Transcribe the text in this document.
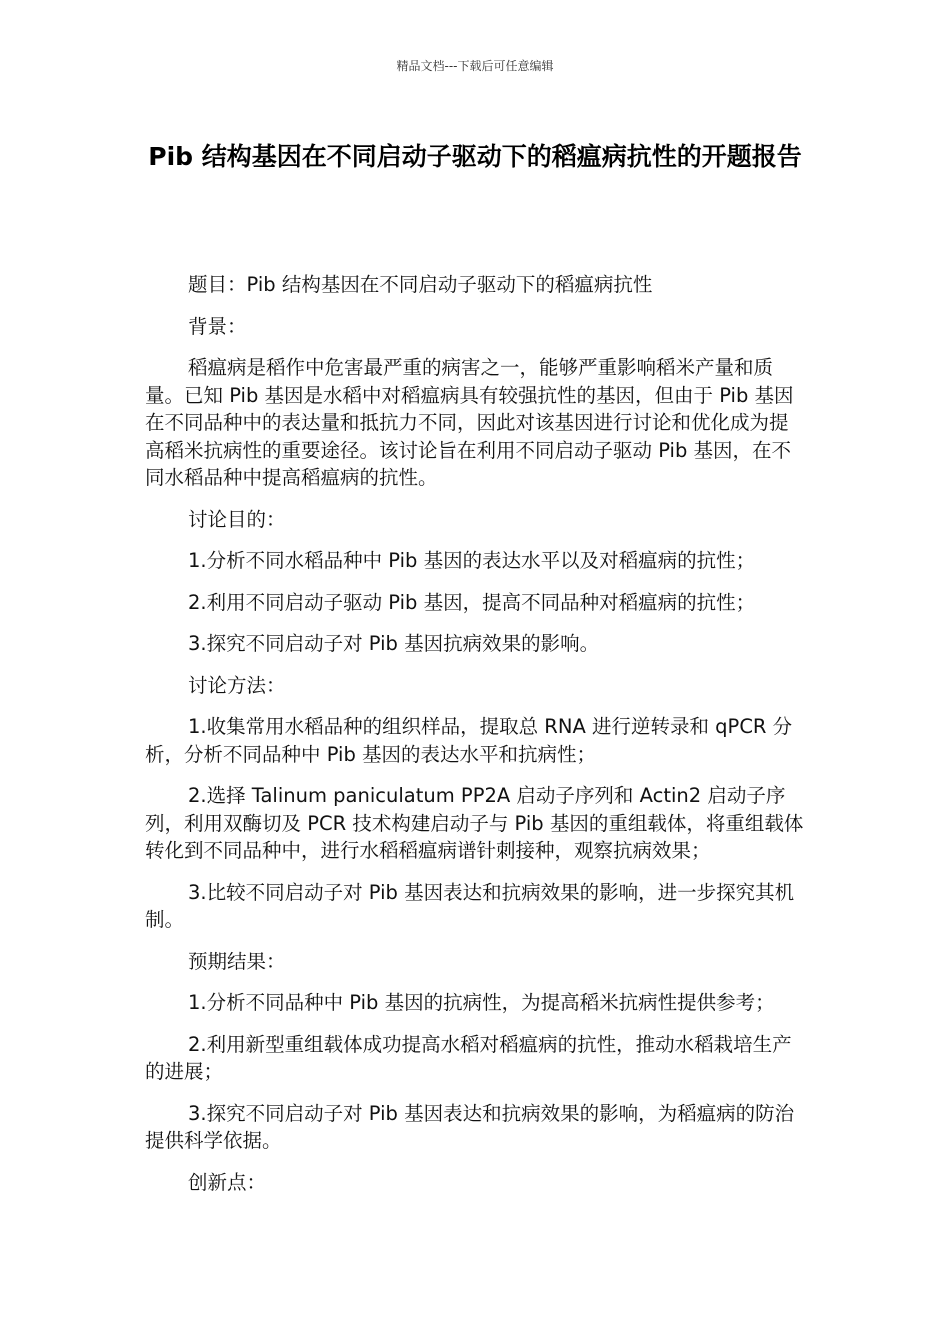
精品文档---下载后可任意编辑
Pib 结构基因在不同启动子驱动下的稻瘟病抗性的开题报告

题目：Pib 结构基因在不同启动子驱动下的稻瘟病抗性

背景：

稻瘟病是稻作中危害最严重的病害之一，能够严重影响稻米产量和质量。已知 Pib 基因是水稻中对稻瘟病具有较强抗性的基因，但由于 Pib 基因在不同品种中的表达量和抵抗力不同，因此对该基因进行讨论和优化成为提高稻米抗病性的重要途径。该讨论旨在利用不同启动子驱动 Pib 基因，在不同水稻品种中提高稻瘟病的抗性。

讨论目的：

1.分析不同水稻品种中 Pib 基因的表达水平以及对稻瘟病的抗性；

2.利用不同启动子驱动 Pib 基因，提高不同品种对稻瘟病的抗性；

3.探究不同启动子对 Pib 基因抗病效果的影响。

讨论方法：

1.收集常用水稻品种的组织样品，提取总 RNA 进行逆转录和 qPCR 分析，分析不同品种中 Pib 基因的表达水平和抗病性；

2.选择 Talinum paniculatum PP2A 启动子序列和 Actin2 启动子序列，利用双酶切及 PCR 技术构建启动子与 Pib 基因的重组载体，将重组载体转化到不同品种中，进行水稻稻瘟病谱针刺接种，观察抗病效果；

3.比较不同启动子对 Pib 基因表达和抗病效果的影响，进一步探究其机制。

预期结果：

1.分析不同品种中 Pib 基因的抗病性，为提高稻米抗病性提供参考；

2.利用新型重组载体成功提高水稻对稻瘟病的抗性，推动水稻栽培生产的进展；

3.探究不同启动子对 Pib 基因表达和抗病效果的影响，为稻瘟病的防治提供科学依据。

创新点：
